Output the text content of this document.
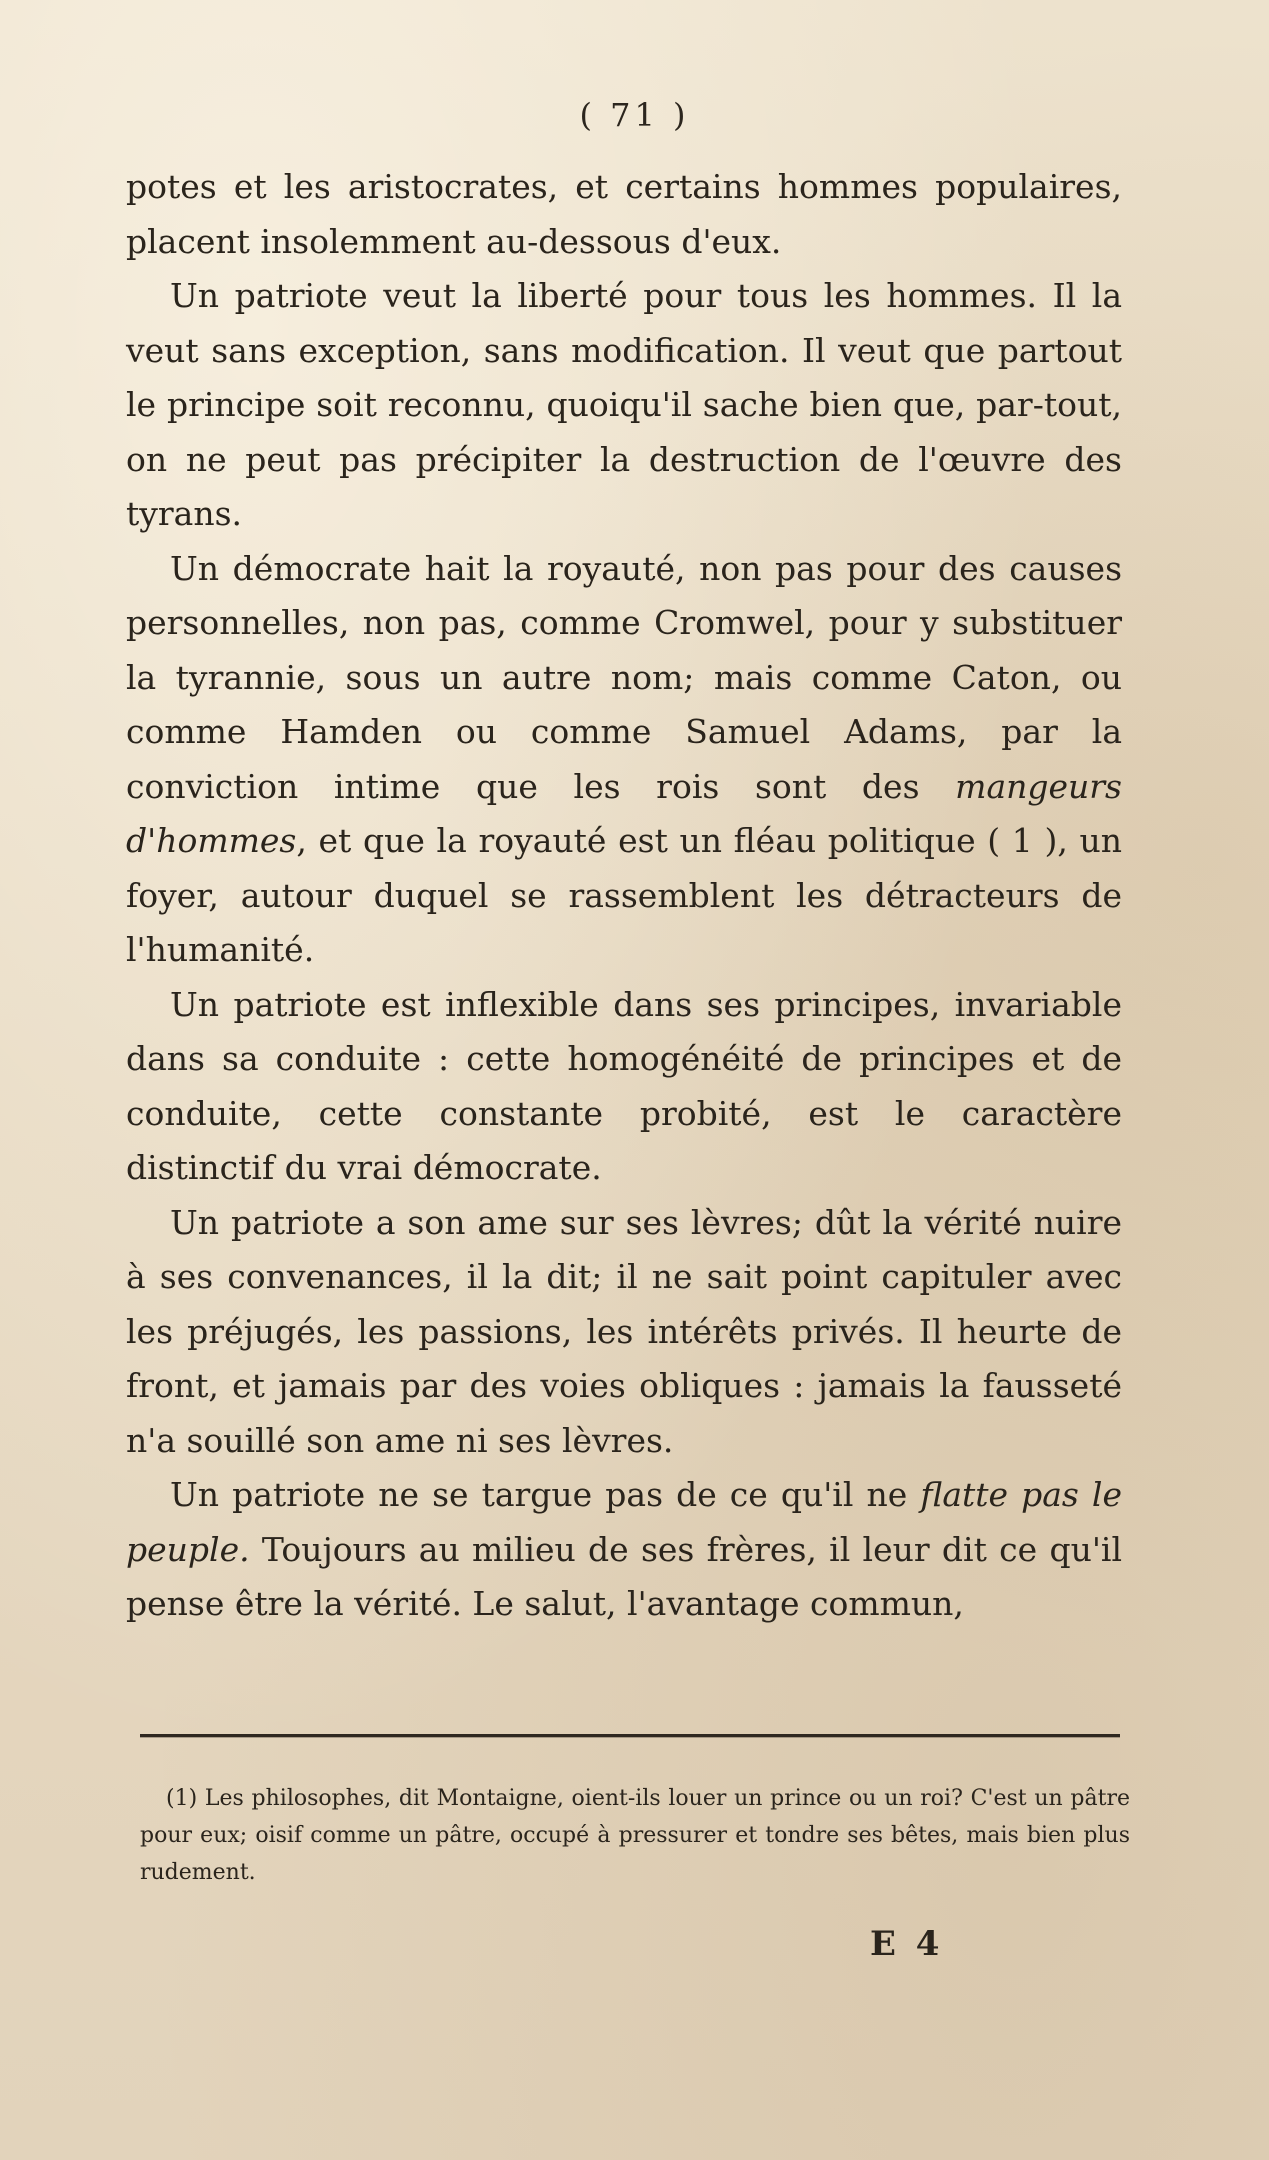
( 71 )

potes et les aristocrates, et certains hommes populaires, placent insolemment au-dessous d'eux.

Un patriote veut la liberté pour tous les hommes. Il la veut sans exception, sans modification. Il veut que partout le principe soit reconnu, quoiqu'il sache bien que, par-tout, on ne peut pas précipiter la destruction de l'œuvre des tyrans.

Un démocrate hait la royauté, non pas pour des causes personnelles, non pas, comme Cromwel, pour y substituer la tyrannie, sous un autre nom; mais comme Caton, ou comme Hamden ou comme Samuel Adams, par la conviction intime que les rois sont des mangeurs d'hommes, et que la royauté est un fléau politique ( 1 ), un foyer, autour duquel se rassemblent les détracteurs de l'humanité.

Un patriote est inflexible dans ses principes, invariable dans sa conduite : cette homogénéité de principes et de conduite, cette constante probité, est le caractère distinctif du vrai démocrate.

Un patriote a son ame sur ses lèvres; dût la vérité nuire à ses convenances, il la dit; il ne sait point capituler avec les préjugés, les passions, les intérêts privés. Il heurte de front, et jamais par des voies obliques : jamais la fausseté n'a souillé son ame ni ses lèvres.

Un patriote ne se targue pas de ce qu'il ne flatte pas le peuple. Toujours au milieu de ses frères, il leur dit ce qu'il pense être la vérité. Le salut, l'avantage commun,

(1) Les philosophes, dit Montaigne, oient-ils louer un prince ou un roi? C'est un pâtre pour eux; oisif comme un pâtre, occupé à pressurer et tondre ses bêtes, mais bien plus rudement.

E 4
